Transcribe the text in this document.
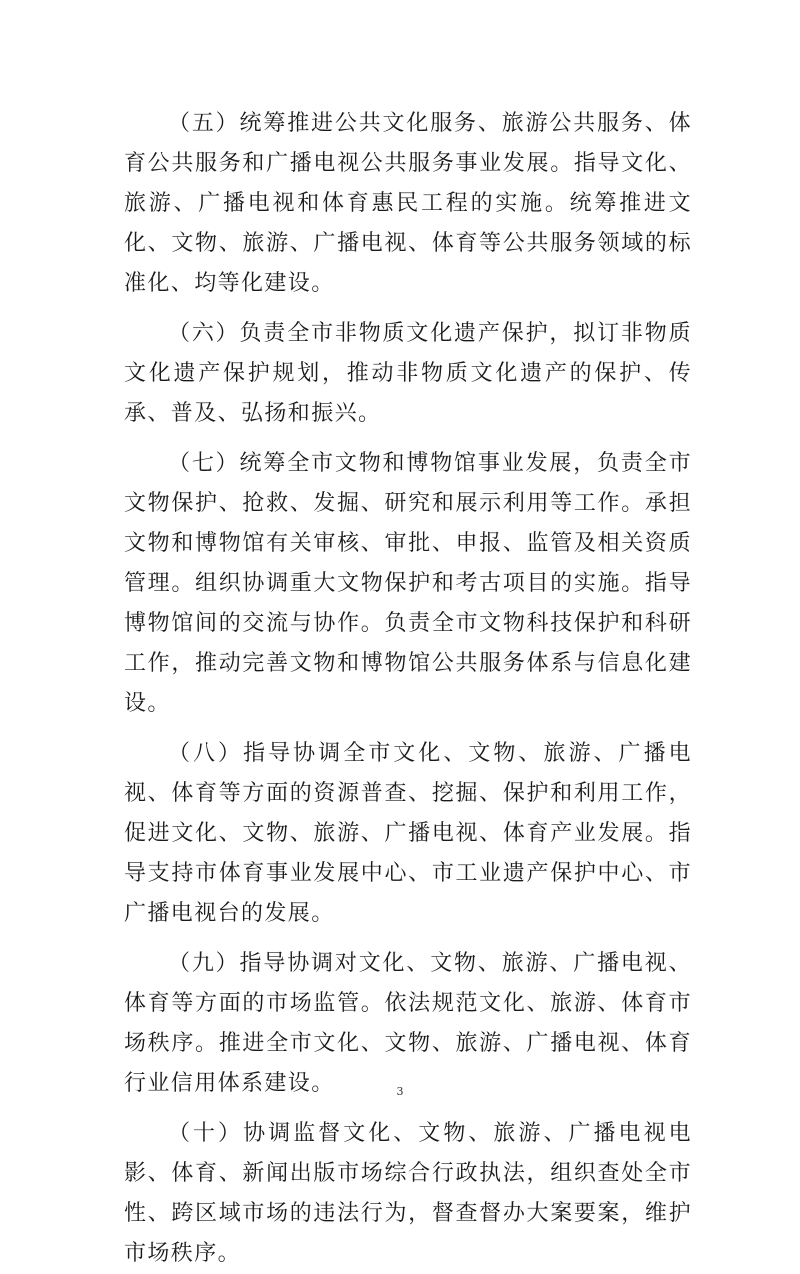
（五）统筹推进公共文化服务、旅游公共服务、体育公共服务和广播电视公共服务事业发展。指导文化、旅游、广播电视和体育惠民工程的实施。统筹推进文化、文物、旅游、广播电视、体育等公共服务领域的标准化、均等化建设。

（六）负责全市非物质文化遗产保护，拟订非物质文化遗产保护规划，推动非物质文化遗产的保护、传承、普及、弘扬和振兴。

（七）统筹全市文物和博物馆事业发展，负责全市文物保护、抢救、发掘、研究和展示利用等工作。承担文物和博物馆有关审核、审批、申报、监管及相关资质管理。组织协调重大文物保护和考古项目的实施。指导博物馆间的交流与协作。负责全市文物科技保护和科研工作，推动完善文物和博物馆公共服务体系与信息化建设。

（八）指导协调全市文化、文物、旅游、广播电视、体育等方面的资源普查、挖掘、保护和利用工作，促进文化、文物、旅游、广播电视、体育产业发展。指导支持市体育事业发展中心、市工业遗产保护中心、市广播电视台的发展。

（九）指导协调对文化、文物、旅游、广播电视、体育等方面的市场监管。依法规范文化、旅游、体育市场秩序。推进全市文化、文物、旅游、广播电视、体育行业信用体系建设。

（十）协调监督文化、文物、旅游、广播电视电影、体育、新闻出版市场综合行政执法，组织查处全市性、跨区域市场的违法行为，督查督办大案要案，维护市场秩序。

3
